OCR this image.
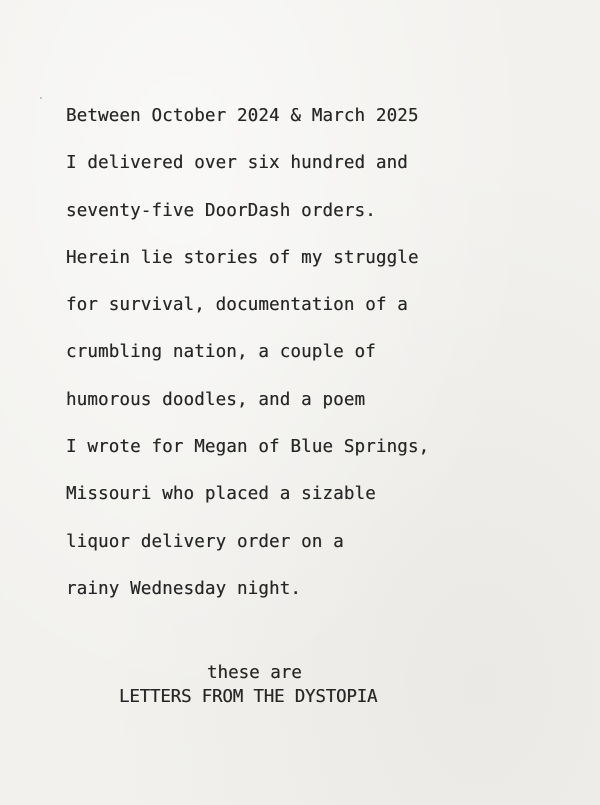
Between October 2024 & March 2025
I delivered over six hundred and
seventy-five DoorDash orders.
Herein lie stories of my struggle
for survival, documentation of a
crumbling nation, a couple of
humorous doodles, and a poem
I wrote for Megan of Blue Springs,
Missouri who placed a sizable
liquor delivery order on a
rainy Wednesday night.
these are
LETTERS FROM THE DYSTOPIA
